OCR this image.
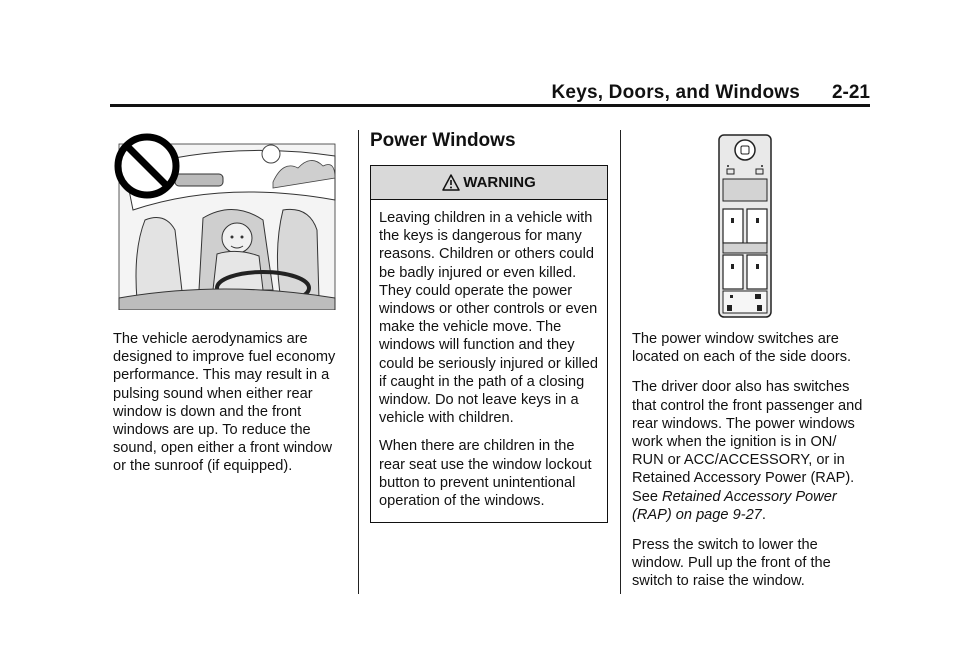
Keys, Doors, and Windows 2-21

The vehicle aerodynamics are designed to improve fuel economy performance. This may result in a pulsing sound when either rear window is down and the front windows are up. To reduce the sound, open either a front window or the sunroof (if equipped).

Power Windows
WARNING

Leaving children in a vehicle with the keys is dangerous for many reasons. Children or others could be badly injured or even killed. They could operate the power windows or other controls or even make the vehicle move. The windows will function and they could be seriously injured or killed if caught in the path of a closing window. Do not leave keys in a vehicle with children.

When there are children in the rear seat use the window lockout button to prevent unintentional operation of the windows.

The power window switches are located on each of the side doors.

The driver door also has switches that control the front passenger and rear windows. The power windows work when the ignition is in ON/ RUN or ACC/ACCESSORY, or in Retained Accessory Power (RAP). See Retained Accessory Power (RAP) on page 9-27.

Press the switch to lower the window. Pull up the front of the switch to raise the window.
